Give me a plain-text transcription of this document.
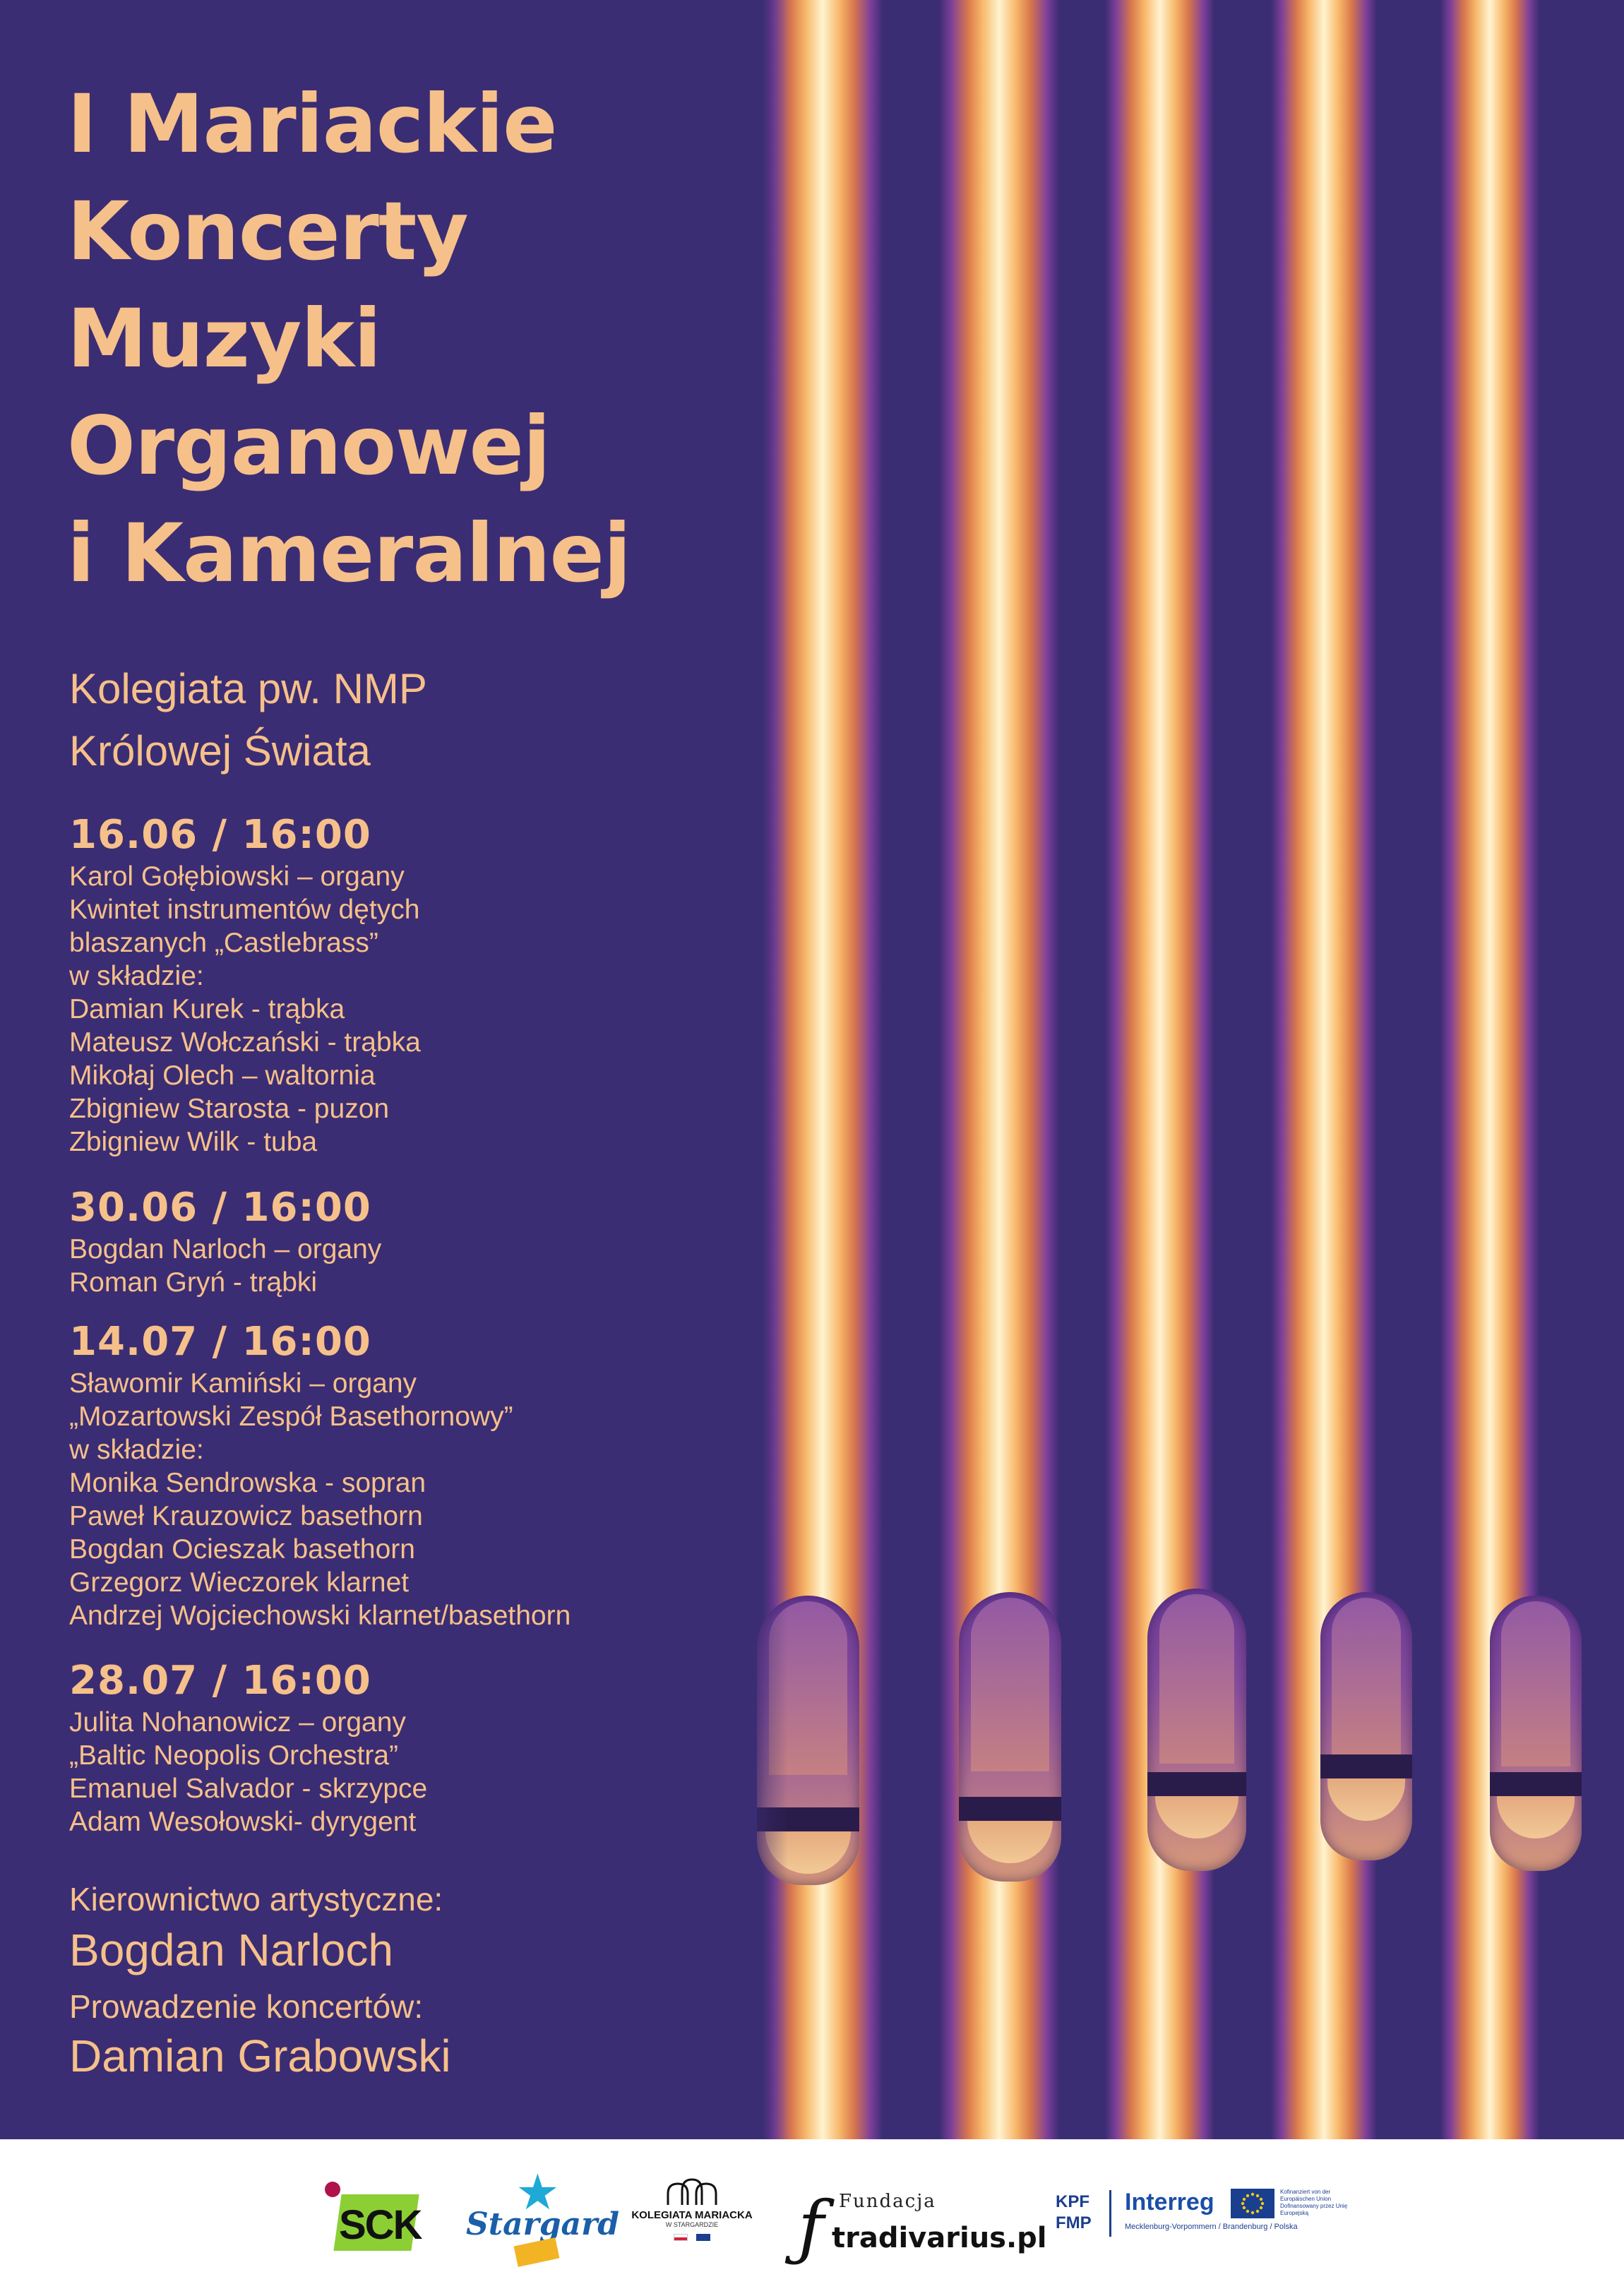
I Mariackie
Koncerty
Muzyki
Organowej
i Kameralnej
Kolegiata pw. NMP
Królowej Świata
16.06 / 16:00
Karol Gołębiowski – organy
Kwintet instrumentów dętych
blaszanych „Castlebrass”
w składzie:
Damian Kurek - trąbka
Mateusz Wołczański - trąbka
Mikołaj Olech – waltornia
Zbigniew Starosta - puzon
Zbigniew Wilk - tuba
30.06 / 16:00
Bogdan Narloch – organy
Roman Gryń - trąbki
14.07 / 16:00
Sławomir Kamiński – organy
„Mozartowski Zespół Basethornowy”
w składzie:
Monika Sendrowska - sopran
Paweł Krauzowicz basethorn
Bogdan Ocieszak basethorn
Grzegorz Wieczorek klarnet
Andrzej Wojciechowski klarnet/basethorn
28.07 / 16:00
Julita Nohanowicz – organy
„Baltic Neopolis Orchestra”
Emanuel Salvador - skrzypce
Adam Wesołowski- dyrygent
Kierownictwo artystyczne:
Bogdan Narloch
Prowadzenie koncertów:
Damian Grabowski
SCK
★
Stargard	KOLEGIATA MARIACKA
W STARGARDZIE	ƒ Fundacja
tradivarius.pl
KPF
FMP
Interreg	Kofinanziert von der Europäischen Union Dofinansowany przez Unię Europejską
Mecklenburg-Vorpommern / Brandenburg / Polska
